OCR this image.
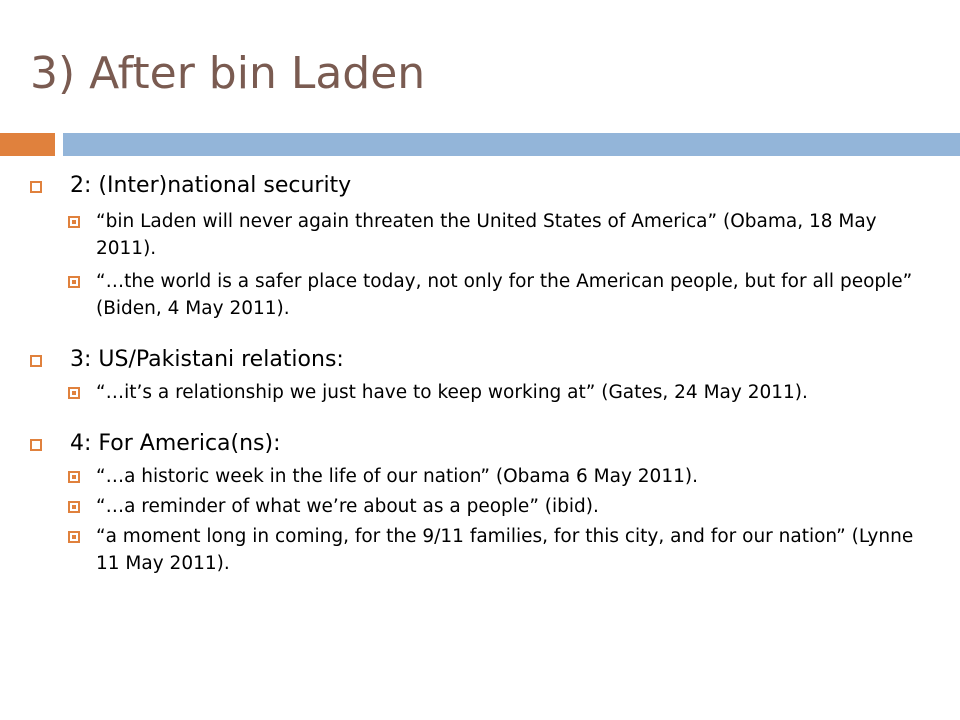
3) After bin Laden
2: (Inter)national security
“bin Laden will never again threaten the United States of America” (Obama, 18 May 2011).
“…the world is a safer place today, not only for the American people, but for all people” (Biden, 4 May 2011).
3: US/Pakistani relations:
“…it’s a relationship we just have to keep working at” (Gates, 24 May 2011).
4: For America(ns):
“…a historic week in the life of our nation” (Obama 6 May 2011).
“…a reminder of what we’re about as a people” (ibid).
“a moment long in coming, for the 9/11 families, for this city, and for our nation” (Lynne 11 May 2011).
